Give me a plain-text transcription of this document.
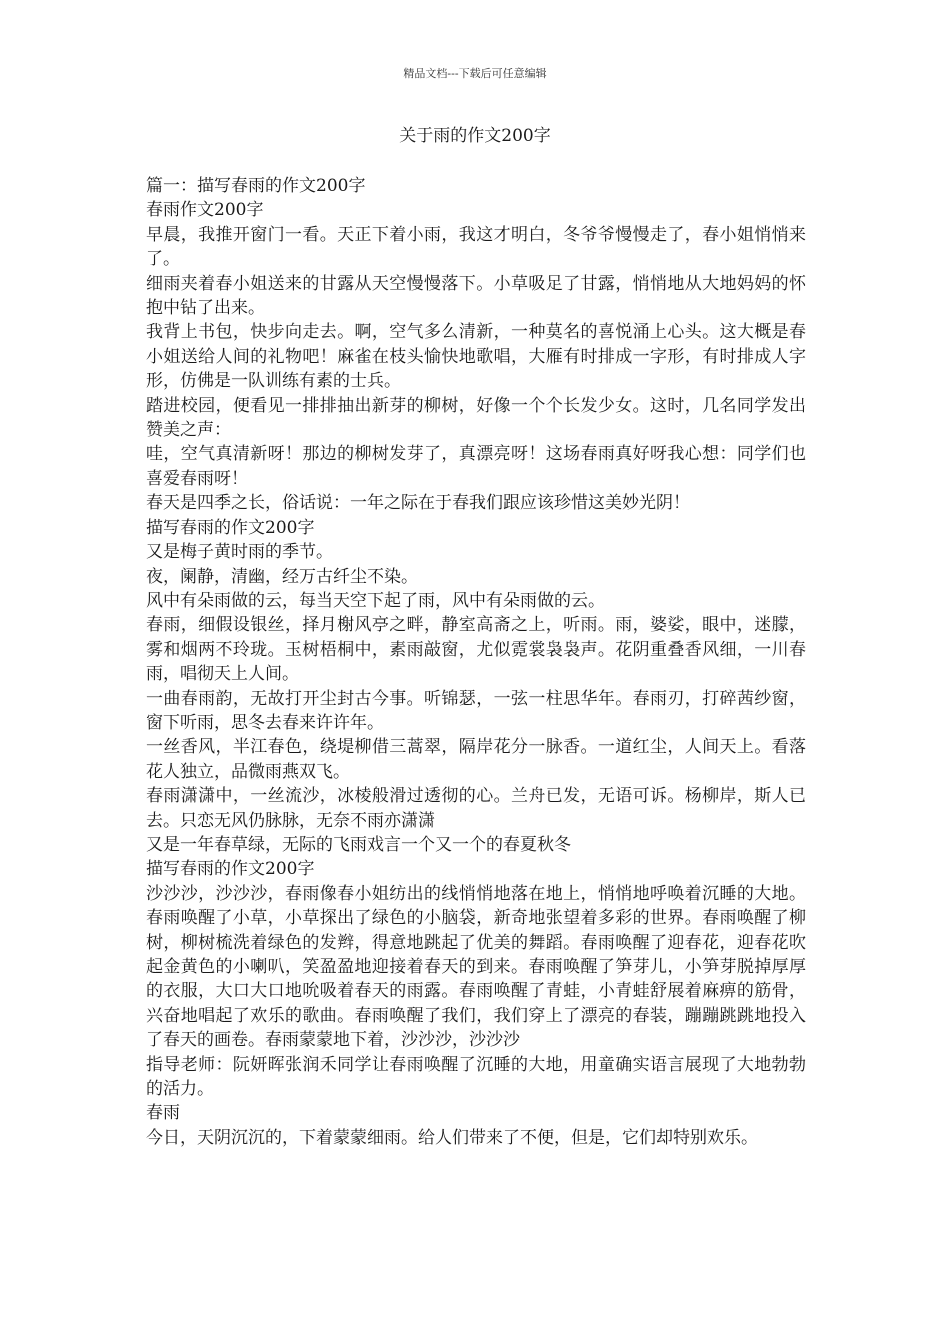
精品文档---下载后可任意编辑
关于雨的作文200字

篇一：描写春雨的作文200字

春雨作文200字

早晨，我推开窗门一看。天正下着小雨，我这才明白，冬爷爷慢慢走了，春小姐悄悄来了。

细雨夹着春小姐送来的甘露从天空慢慢落下。小草吸足了甘露，悄悄地从大地妈妈的怀抱中钻了出来。

我背上书包，快步向走去。啊，空气多么清新，一种莫名的喜悦涌上心头。这大概是春小姐送给人间的礼物吧！麻雀在枝头愉快地歌唱，大雁有时排成一字形，有时排成人字形，仿佛是一队训练有素的士兵。

踏进校园，便看见一排排抽出新芽的柳树，好像一个个长发少女。这时，几名同学发出赞美之声：

哇，空气真清新呀！那边的柳树发芽了，真漂亮呀！这场春雨真好呀我心想：同学们也喜爱春雨呀！

春天是四季之长，俗话说：一年之际在于春我们跟应该珍惜这美妙光阴！

描写春雨的作文200字

又是梅子黄时雨的季节。

夜，阑静，清幽，经万古纤尘不染。

风中有朵雨做的云，每当天空下起了雨，风中有朵雨做的云。

春雨，细假设银丝，择月榭风亭之畔，静室高斋之上，听雨。雨，婆娑，眼中，迷朦，雾和烟两不玲珑。玉树梧桐中，素雨敲窗，尤似霓裳袅袅声。花阴重叠香风细，一川春雨，唱彻天上人间。

一曲春雨韵，无故打开尘封古今事。听锦瑟，一弦一柱思华年。春雨刃，打碎茜纱窗，窗下听雨，思冬去春来许许年。

一丝香风，半江春色，绕堤柳借三蒿翠，隔岸花分一脉香。一道红尘，人间天上。看落花人独立，品微雨燕双飞。

春雨潇潇中，一丝流沙，冰棱般滑过透彻的心。兰舟已发，无语可诉。杨柳岸，斯人已去。只恋无风仍脉脉，无奈不雨亦潇潇

又是一年春草绿，无际的飞雨戏言一个又一个的春夏秋冬

描写春雨的作文200字

沙沙沙，沙沙沙，春雨像春小姐纺出的线悄悄地落在地上，悄悄地呼唤着沉睡的大地。春雨唤醒了小草，小草探出了绿色的小脑袋，新奇地张望着多彩的世界。春雨唤醒了柳树，柳树梳洗着绿色的发辫，得意地跳起了优美的舞蹈。春雨唤醒了迎春花，迎春花吹起金黄色的小喇叭，笑盈盈地迎接着春天的到来。春雨唤醒了笋芽儿，小笋芽脱掉厚厚的衣服，大口大口地吮吸着春天的雨露。春雨唤醒了青蛙，小青蛙舒展着麻痹的筋骨，兴奋地唱起了欢乐的歌曲。春雨唤醒了我们，我们穿上了漂亮的春装，蹦蹦跳跳地投入了春天的画卷。春雨蒙蒙地下着，沙沙沙，沙沙沙

指导老师：阮妍晖张润禾同学让春雨唤醒了沉睡的大地，用童确实语言展现了大地勃勃的活力。

春雨

今日，天阴沉沉的，下着蒙蒙细雨。给人们带来了不便，但是，它们却特别欢乐。
